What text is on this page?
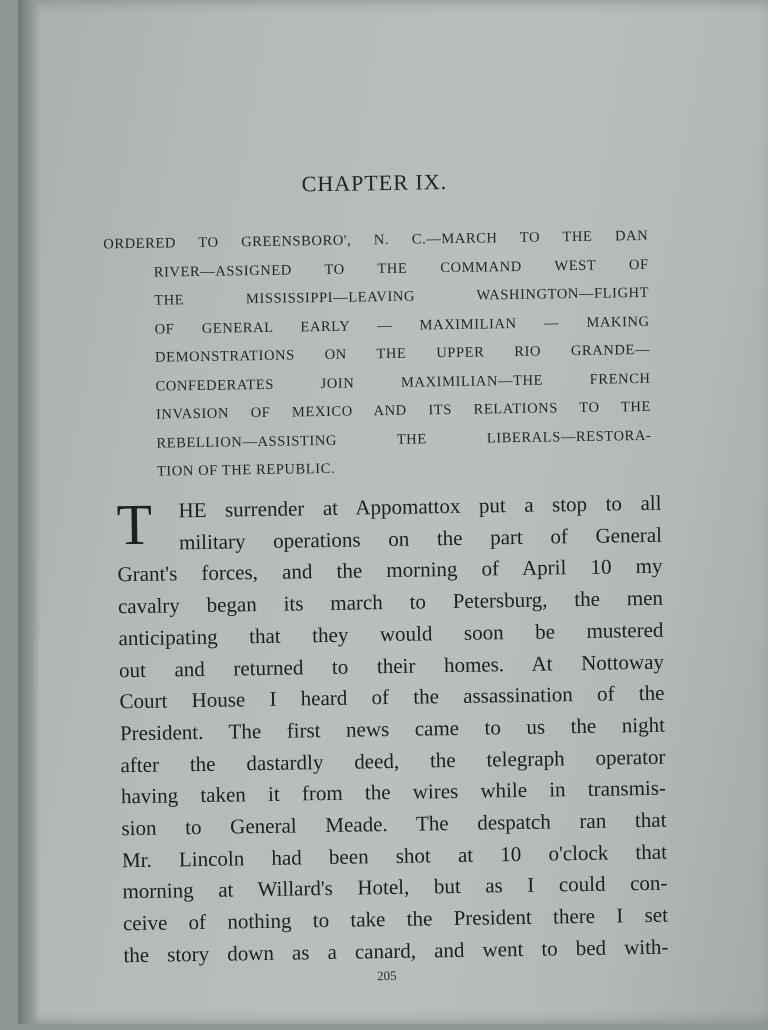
CHAPTER IX.
ORDERED TO GREENSBORO', N. C.—MARCH TO THE DAN
RIVER—ASSIGNED TO THE COMMAND WEST OF
THE MISSISSIPPI—LEAVING WASHINGTON—FLIGHT
OF GENERAL EARLY — MAXIMILIAN — MAKING
DEMONSTRATIONS ON THE UPPER RIO GRANDE—
CONFEDERATES JOIN MAXIMILIAN—THE FRENCH
INVASION OF MEXICO AND ITS RELATIONS TO THE
REBELLION—ASSISTING THE LIBERALS—RESTORA-
TION OF THE REPUBLIC.
T	HE surrender at Appomattox put a stop to all
military operations on the part of General
Grant's forces, and the morning of April 10 my
cavalry began its march to Petersburg, the men
anticipating that they would soon be mustered
out and returned to their homes. At Nottoway
Court House I heard of the assassination of the
President. The first news came to us the night
after the dastardly deed, the telegraph operator
having taken it from the wires while in transmis-
sion to General Meade. The despatch ran that
Mr. Lincoln had been shot at 10 o'clock that
morning at Willard's Hotel, but as I could con-
ceive of nothing to take the President there I set
the story down as a canard, and went to bed with-
205
